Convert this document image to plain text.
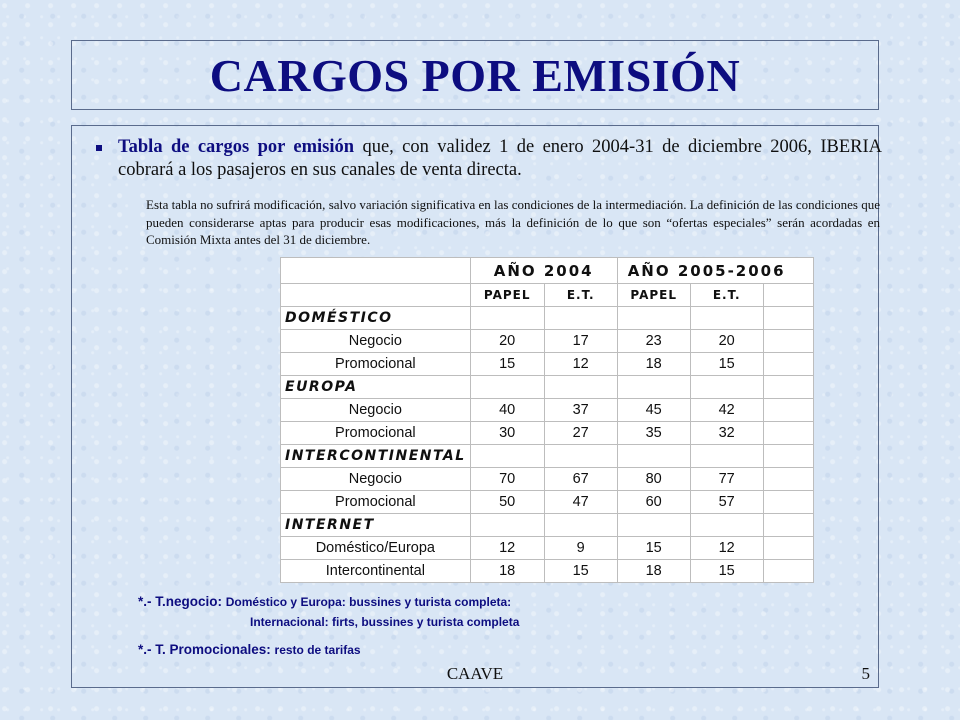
CARGOS POR EMISIÓN
Tabla de cargos por emisión que, con validez 1 de enero 2004-31 de diciembre 2006, IBERIA cobrará a los pasajeros en sus canales de venta directa.
Esta tabla no sufrirá modificación, salvo variación significativa en las condiciones de la intermediación. La definición de las condiciones que pueden considerarse aptas para producir esas modificaciones, más la definición de lo que son “ofertas especiales” serán acordadas en Comisión Mixta antes del 31 de diciembre.
	AÑO 2004		AÑO 2005-2006		
	PAPEL	E.T.	PAPEL	E.T.	
DOMÉSTICO					
Negocio	20	17	23	20	
Promocional	15	12	18	15	
EUROPA					
Negocio	40	37	45	42	
Promocional	30	27	35	32	
INTERCONTINENTAL					
Negocio	70	67	80	77	
Promocional	50	47	60	57	
INTERNET					
Doméstico/Europa	12	9	15	12	
Intercontinental	18	15	18	15	
*.- T.negocio: Doméstico y Europa: bussines y turista completa:
Internacional: firts, bussines y turista completa
*.- T. Promocionales: resto de tarifas
CAAVE	5
